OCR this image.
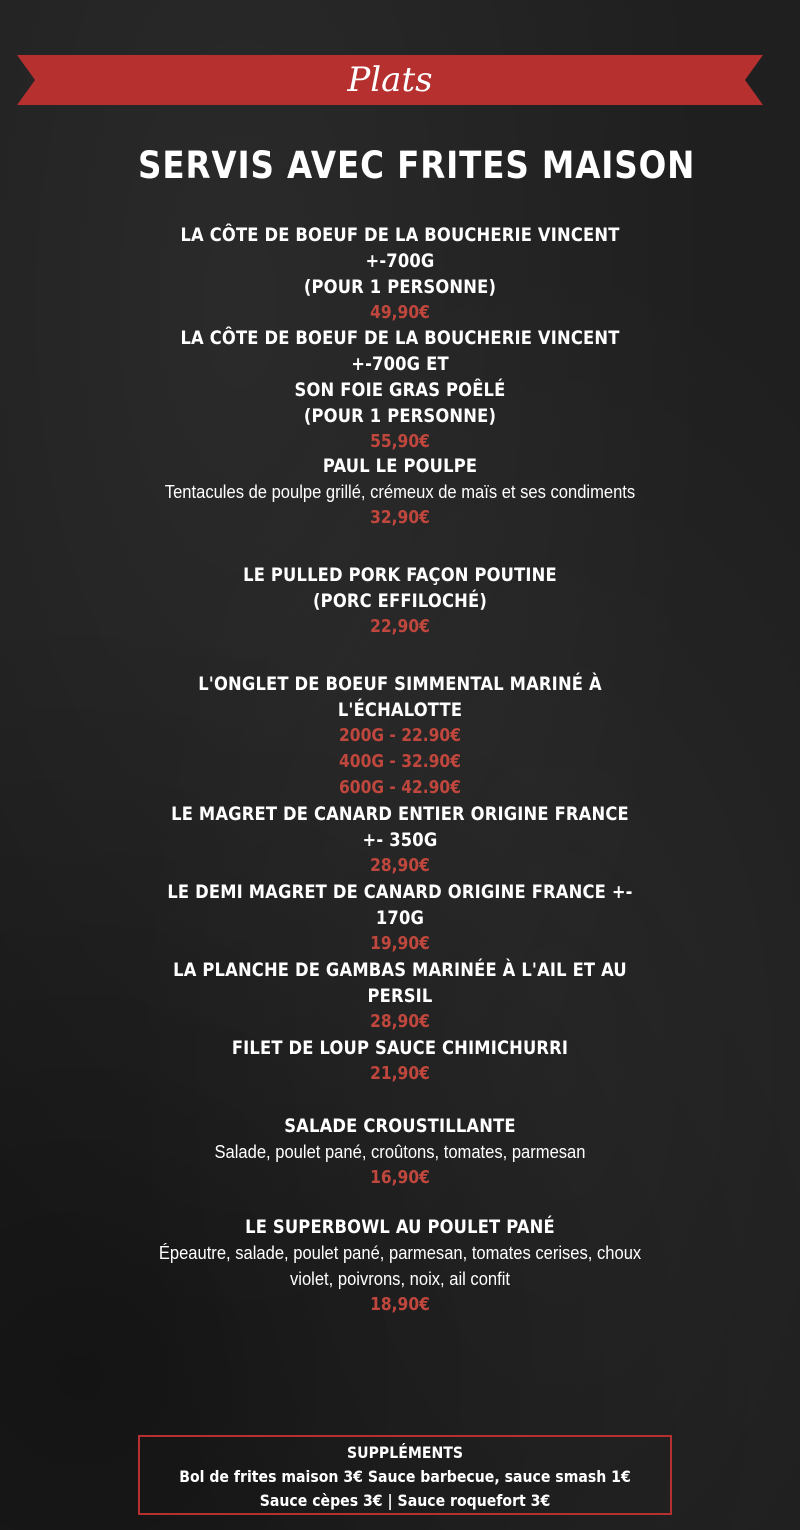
Plats
SERVIS AVEC FRITES MAISON
LA CÔTE DE BOEUF DE LA BOUCHERIE VINCENT +-700G
(POUR 1 PERSONNE)
49,90€
LA CÔTE DE BOEUF DE LA BOUCHERIE VINCENT +-700G ET
SON FOIE GRAS POÊLÉ
(POUR 1 PERSONNE)
55,90€
PAUL LE POULPE
Tentacules de poulpe grillé, crémeux de maïs et ses condiments
32,90€
LE PULLED PORK FAÇON POUTINE
(PORC EFFILOCHÉ)
22,90€
L'ONGLET DE BOEUF SIMMENTAL MARINÉ À L'ÉCHALOTTE
200G - 22.90€
400G - 32.90€
600G - 42.90€
LE MAGRET DE CANARD ENTIER ORIGINE FRANCE +- 350G
28,90€
LE DEMI MAGRET DE CANARD ORIGINE FRANCE +- 170G
19,90€
LA PLANCHE DE GAMBAS MARINÉE À L'AIL ET AU PERSIL
28,90€
FILET DE LOUP SAUCE CHIMICHURRI
21,90€
SALADE CROUSTILLANTE
Salade, poulet pané, croûtons, tomates, parmesan
16,90€
LE SUPERBOWL AU POULET PANÉ
Épeautre, salade, poulet pané, parmesan, tomates cerises, choux violet, poivrons, noix, ail confit
18,90€
SUPPLÉMENTS
Bol de frites maison 3€ Sauce barbecue, sauce smash 1€
Sauce cèpes 3€ | Sauce roquefort 3€
